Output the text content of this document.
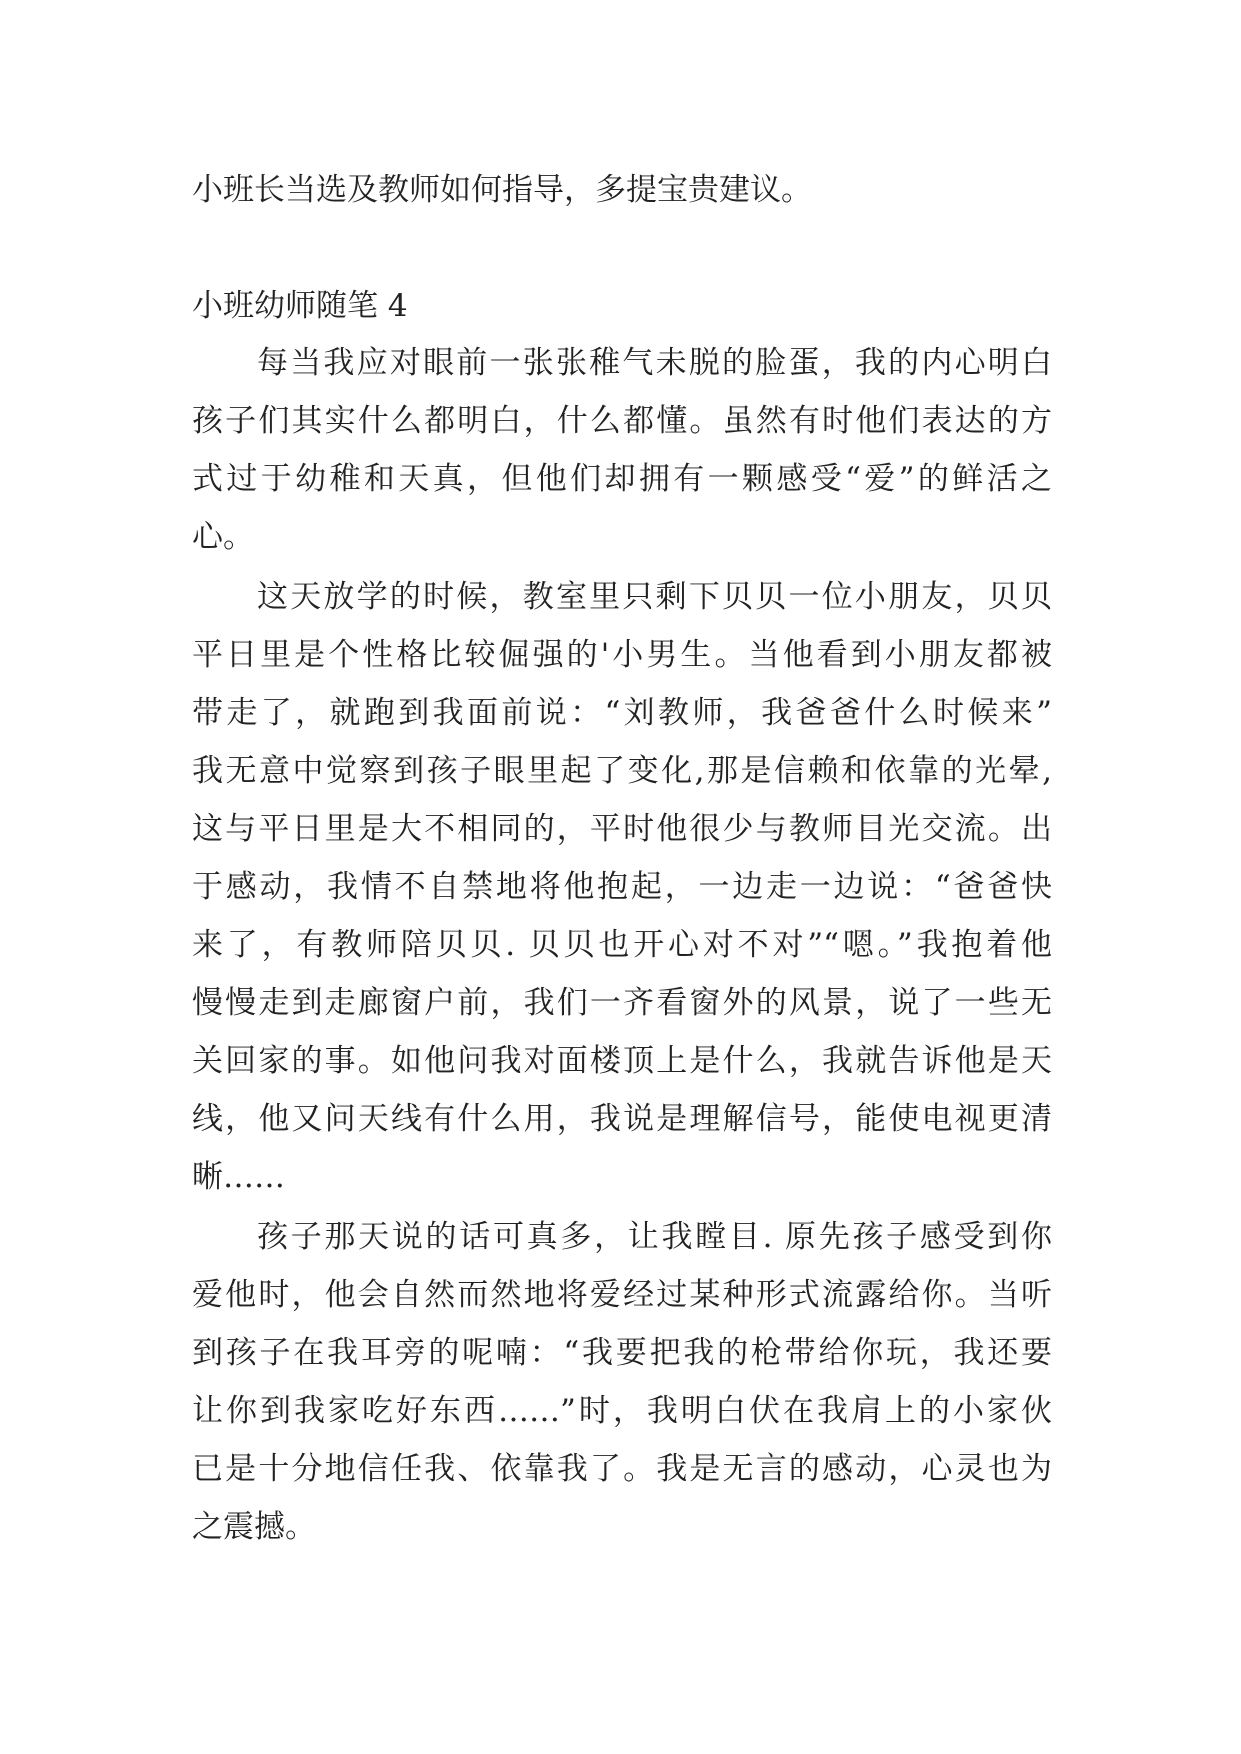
小班长当选及教师如何指导，多提宝贵建议。
小班幼师随笔 4
每当我应对眼前一张张稚气未脱的脸蛋，我的内心明白
孩子们其实什么都明白，什么都懂。虽然有时他们表达的方
式过于幼稚和天真，但他们却拥有一颗感受“爱”的鲜活之
心。
这天放学的时候，教室里只剩下贝贝一位小朋友，贝贝
平日里是个性格比较倔强的'小男生。当他看到小朋友都被
带走了，就跑到我面前说：“刘教师，我爸爸什么时候来”
我无意中觉察到孩子眼里起了变化,那是信赖和依靠的光晕,
这与平日里是大不相同的，平时他很少与教师目光交流。出
于感动，我情不自禁地将他抱起，一边走一边说：“爸爸快
来了，有教师陪贝贝. 贝贝也开心对不对”“嗯。”我抱着他
慢慢走到走廊窗户前，我们一齐看窗外的风景，说了一些无
关回家的事。如他问我对面楼顶上是什么，我就告诉他是天
线，他又问天线有什么用，我说是理解信号，能使电视更清
晰……
孩子那天说的话可真多，让我瞠目. 原先孩子感受到你
爱他时，他会自然而然地将爱经过某种形式流露给你。当听
到孩子在我耳旁的呢喃：“我要把我的枪带给你玩，我还要
让你到我家吃好东西……”时，我明白伏在我肩上的小家伙
已是十分地信任我、依靠我了。我是无言的感动，心灵也为
之震撼。
